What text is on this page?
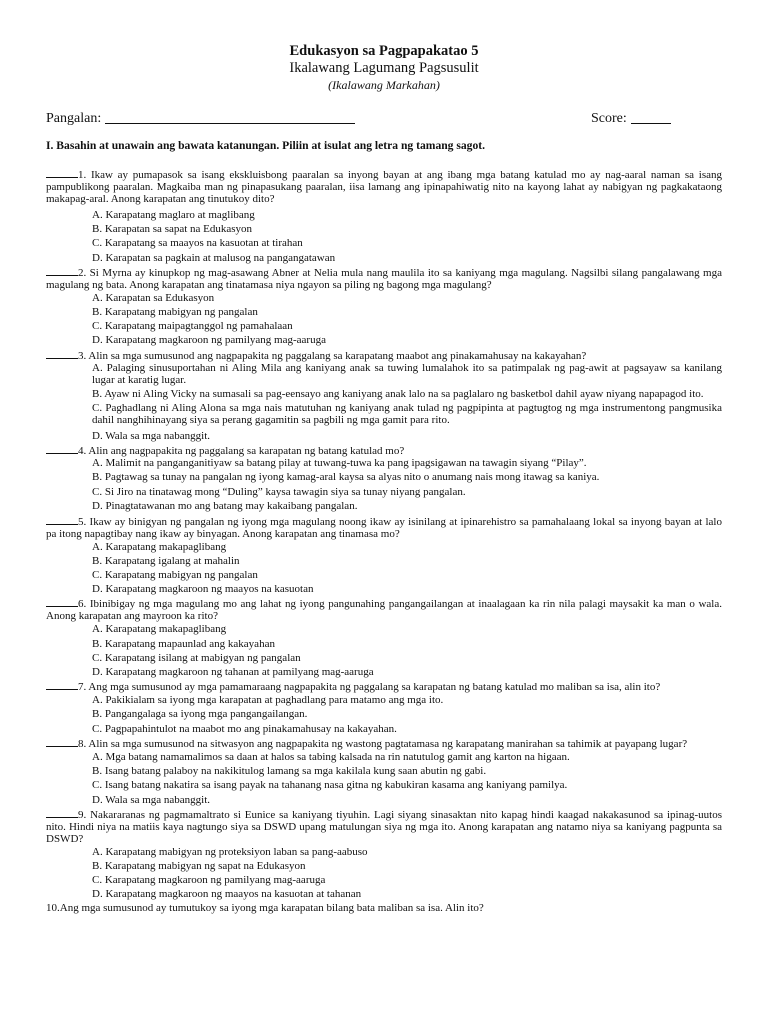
Edukasyon sa Pagpapakatao 5
Ikalawang Lagumang Pagsusulit
(Ikalawang Markahan)
Pangalan:	Score:
I. Basahin at unawain ang bawata katanungan. Piliin at isulat ang letra ng tamang sagot.

1. Ikaw ay pumapasok sa isang ekskluisbong paaralan sa inyong bayan at ang ibang mga batang katulad mo ay nag-aaral naman sa isang pampublikong paaralan. Magkaiba man ng pinapasukang paaralan, iisa lamang ang ipinapahiwatig nito na kayong lahat ay nabigyan ng pagkakataong makapag-aral. Anong karapatan ang tinutukoy dito?

A. Karapatang maglaro at maglibang

B. Karapatan sa sapat na Edukasyon

C. Karapatang sa maayos na kasuotan at tirahan

D. Karapatan sa pagkain at malusog na pangangatawan

2. Si Myrna ay kinupkop ng mag-asawang Abner at Nelia mula nang maulila ito sa kaniyang mga magulang. Nagsilbi silang pangalawang mga magulang ng bata. Anong karapatan ang tinatamasa niya ngayon sa piling ng bagong mga magulang?

A. Karapatan sa Edukasyon

B. Karapatang mabigyan ng pangalan

C. Karapatang maipagtanggol ng pamahalaan

D. Karapatang magkaroon ng pamilyang mag-aaruga

3. Alin sa mga sumusunod ang nagpapakita ng paggalang sa karapatang maabot ang pinakamahusay na kakayahan?

A. Palaging sinusuportahan ni Aling Mila ang kaniyang anak sa tuwing lumalahok ito sa patimpalak ng pag-awit at pagsayaw sa kanilang lugar at karatig lugar.

B. Ayaw ni Aling Vicky na sumasali sa pag-eensayo ang kaniyang anak lalo na sa paglalaro ng basketbol dahil ayaw niyang napapagod ito.

C. Paghadlang ni Aling Alona sa mga nais matutuhan ng kaniyang anak tulad ng pagpipinta at pagtugtog ng mga instrumentong pangmusika dahil nanghihinayang siya sa perang gagamitin sa pagbili ng mga gamit para rito.

D. Wala sa mga nabanggit.

4. Alin ang nagpapakita ng paggalang sa karapatan ng batang katulad mo?

A. Malimit na panganganitiyaw sa batang pilay at tuwang-tuwa ka pang ipagsigawan na tawagin siyang “Pilay”.

B. Pagtawag sa tunay na pangalan ng iyong kamag-aral kaysa sa alyas nito o anumang nais mong itawag sa kaniya.

C. Si Jiro na tinatawag mong “Duling” kaysa tawagin siya sa tunay niyang pangalan.

D. Pinagtatawanan mo ang batang may kakaibang pangalan.

5. Ikaw ay binigyan ng pangalan ng iyong mga magulang noong ikaw ay isinilang at ipinarehistro sa pamahalaang lokal sa inyong bayan at lalo pa itong napagtibay nang ikaw ay binyagan. Anong karapatan ang tinamasa mo?

A. Karapatang makapaglibang

B. Karapatang igalang at mahalin

C. Karapatang mabigyan ng pangalan

D. Karapatang magkaroon ng maayos na kasuotan

6. Ibinibigay ng mga magulang mo ang lahat ng iyong pangunahing pangangailangan at inaalagaan ka rin nila palagi maysakit ka man o wala. Anong karapatan ang mayroon ka rito?

A. Karapatang makapaglibang

B. Karapatang mapaunlad ang kakayahan

C. Karapatang isilang at mabigyan ng pangalan

D. Karapatang magkaroon ng tahanan at pamilyang mag-aaruga

7. Ang mga sumusunod ay mga pamamaraang nagpapakita ng paggalang sa karapatan ng batang katulad mo maliban sa isa, alin ito?

A. Pakikialam sa iyong mga karapatan at paghadlang para matamo ang mga ito.

B. Pangangalaga sa iyong mga pangangailangan.

C. Pagpapahintulot na maabot mo ang pinakamahusay na kakayahan.

8. Alin sa mga sumusunod na sitwasyon ang nagpapakita ng wastong pagtatamasa ng karapatang manirahan sa tahimik at payapang lugar?

A. Mga batang namamalimos sa daan at halos sa tabing kalsada na rin natutulog gamit ang karton na higaan.

B. Isang batang palaboy na nakikitulog lamang sa mga kakilala kung saan abutin ng gabi.

C. Isang batang nakatira sa isang payak na tahanang nasa gitna ng kabukiran kasama ang kaniyang pamilya.

D. Wala sa mga nabanggit.

9. Nakararanas ng pagmamaltrato si Eunice sa kaniyang tiyuhin. Lagi siyang sinasaktan nito kapag hindi kaagad nakakasunod sa ipinag-uutos nito. Hindi niya na matiis kaya nagtungo siya sa DSWD upang matulungan siya ng mga ito. Anong karapatan ang natamo niya sa kaniyang pagpunta sa DSWD?

A. Karapatang mabigyan ng proteksiyon laban sa pang-aabuso

B. Karapatang mabigyan ng sapat na Edukasyon

C. Karapatang magkaroon ng pamilyang mag-aaruga

D. Karapatang magkaroon ng maayos na kasuotan at tahanan

10.Ang mga sumusunod ay tumutukoy sa iyong mga karapatan bilang bata maliban sa isa. Alin ito?
